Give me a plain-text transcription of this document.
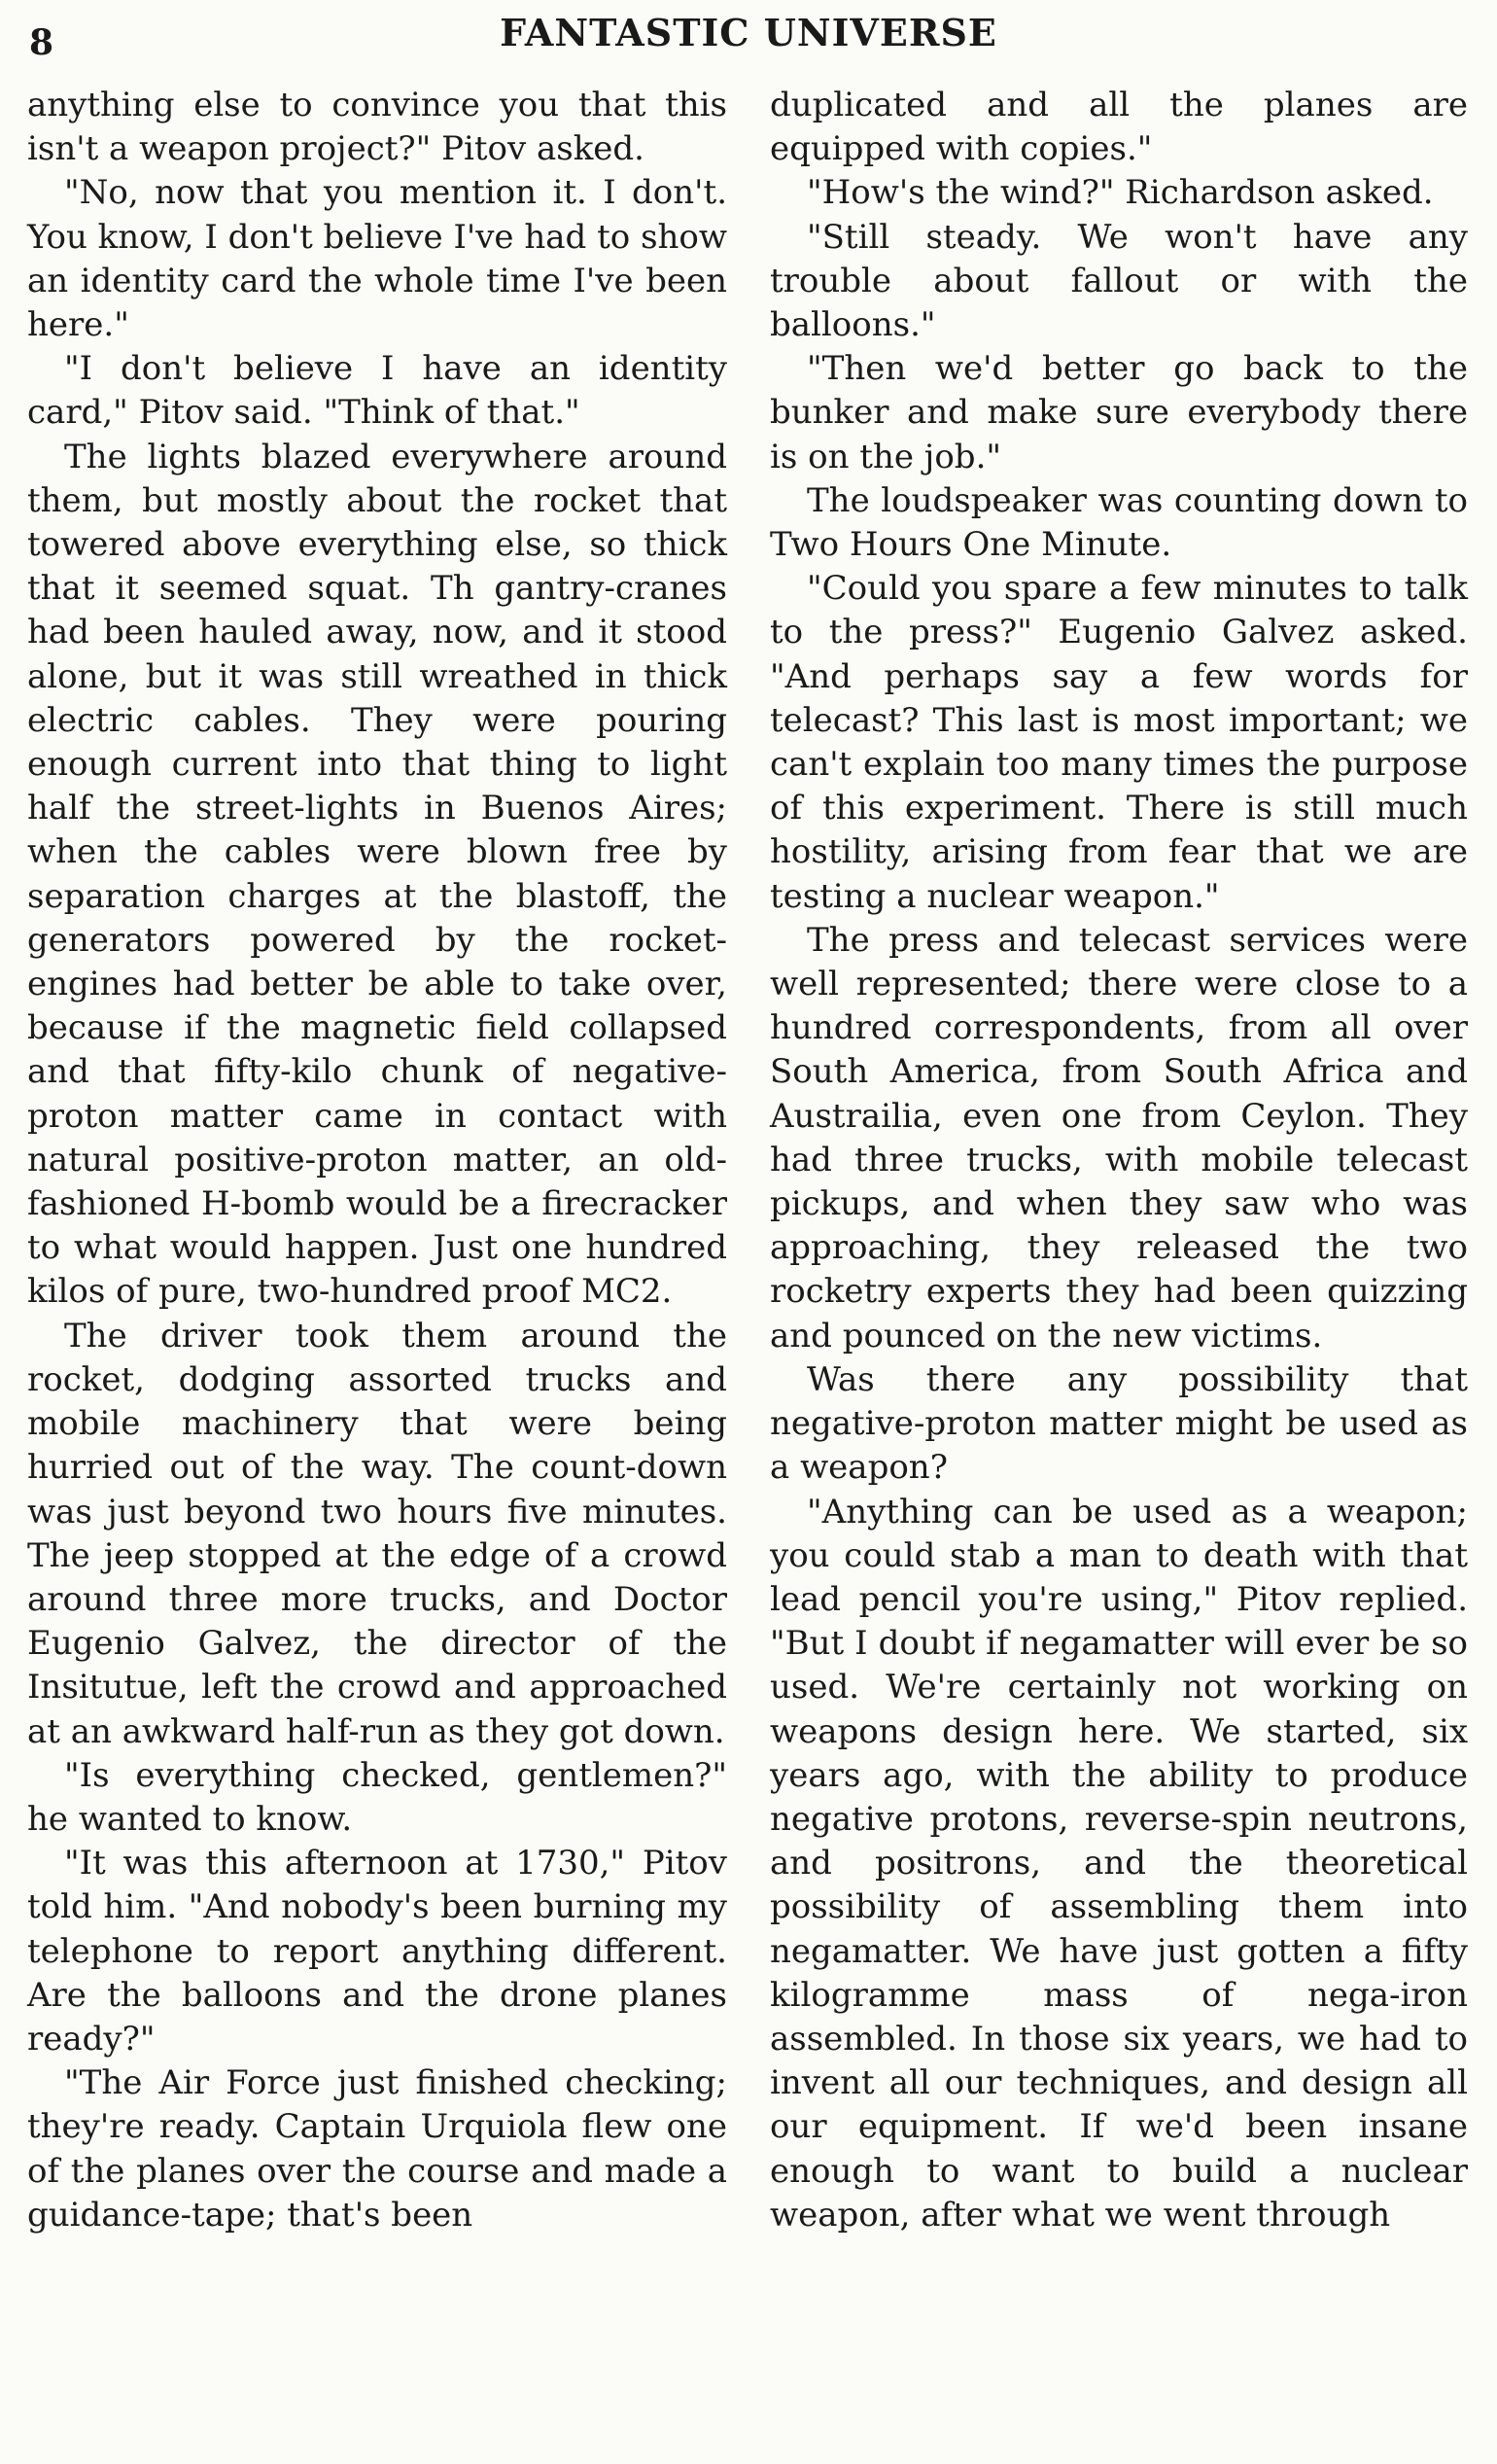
8	FANTASTIC UNIVERSE

anything else to convince you that this isn't a weapon project?" Pitov asked.

"No, now that you mention it. I don't. You know, I don't believe I've had to show an identity card the whole time I've been here."

"I don't believe I have an identity card," Pitov said. "Think of that."

The lights blazed everywhere around them, but mostly about the rocket that towered above everything else, so thick that it seemed squat. Th gantry-cranes had been hauled away, now, and it stood alone, but it was still wreathed in thick electric cables. They were pouring enough current into that thing to light half the street-lights in Buenos Aires; when the cables were blown free by separation charges at the blastoff, the generators powered by the rocket-engines had better be able to take over, because if the magnetic field collapsed and that fifty-kilo chunk of negative-proton matter came in contact with natural positive-proton matter, an old-fashioned H-bomb would be a firecracker to what would happen. Just one hundred kilos of pure, two-hundred proof MC2.

The driver took them around the rocket, dodging assorted trucks and mobile machinery that were being hurried out of the way. The count-down was just beyond two hours five minutes. The jeep stopped at the edge of a crowd around three more trucks, and Doctor Eugenio Galvez, the director of the Insitutue, left the crowd and approached at an awkward half-run as they got down.

"Is everything checked, gentlemen?" he wanted to know.

"It was this afternoon at 1730," Pitov told him. "And nobody's been burning my telephone to report anything different. Are the balloons and the drone planes ready?"

"The Air Force just finished checking; they're ready. Captain Urquiola flew one of the planes over the course and made a guidance-tape; that's been

duplicated and all the planes are equipped with copies."

"How's the wind?" Richardson asked.

"Still steady. We won't have any trouble about fallout or with the balloons."

"Then we'd better go back to the bunker and make sure everybody there is on the job."

The loudspeaker was counting down to Two Hours One Minute.

"Could you spare a few minutes to talk to the press?" Eugenio Galvez asked. "And perhaps say a few words for telecast? This last is most important; we can't explain too many times the purpose of this experiment. There is still much hostility, arising from fear that we are testing a nuclear weapon."

The press and telecast services were well represented; there were close to a hundred correspondents, from all over South America, from South Africa and Austrailia, even one from Ceylon. They had three trucks, with mobile telecast pickups, and when they saw who was approaching, they released the two rocketry experts they had been quizzing and pounced on the new victims.

Was there any possibility that negative-proton matter might be used as a weapon?

"Anything can be used as a weapon; you could stab a man to death with that lead pencil you're using," Pitov replied. "But I doubt if negamatter will ever be so used. We're certainly not working on weapons design here. We started, six years ago, with the ability to produce negative protons, reverse-spin neutrons, and positrons, and the theoretical possibility of assembling them into negamatter. We have just gotten a fifty kilogramme mass of nega-iron assembled. In those six years, we had to invent all our techniques, and design all our equipment. If we'd been insane enough to want to build a nuclear weapon, after what we went through
